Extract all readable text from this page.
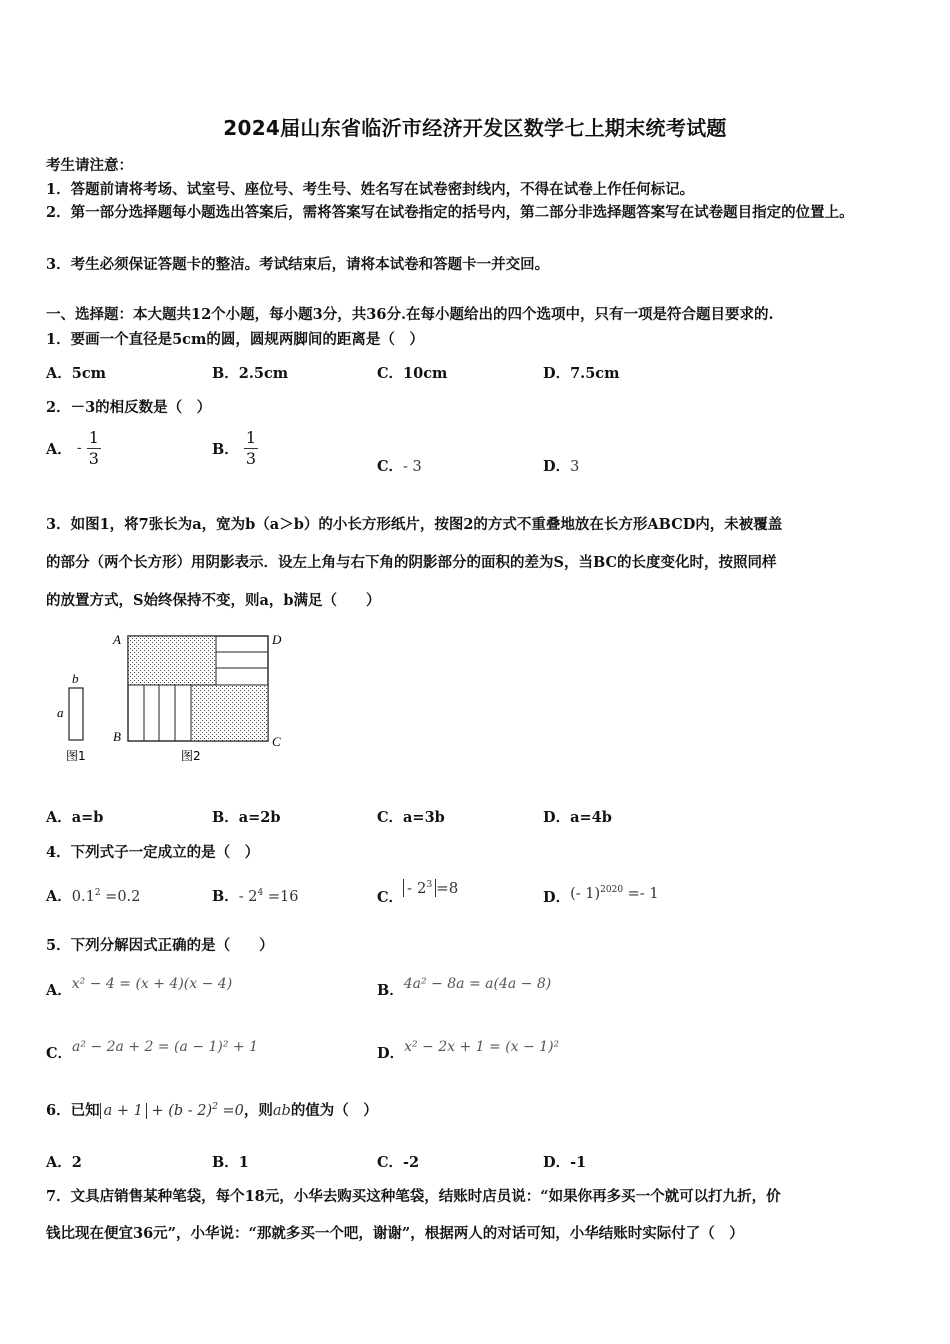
2024届山东省临沂市经济开发区数学七上期末统考试题
考生请注意：
1．答题前请将考场、试室号、座位号、考生号、姓名写在试卷密封线内，不得在试卷上作任何标记。
2．第一部分选择题每小题选出答案后，需将答案写在试卷指定的括号内，第二部分非选择题答案写在试卷题目指定的位置上。
3．考生必须保证答题卡的整洁。考试结束后，请将本试卷和答题卡一并交回。
一、选择题：本大题共12个小题，每小题3分，共36分.在每小题给出的四个选项中，只有一项是符合题目要求的.
1．要画一个直径是5cm的圆，圆规两脚间的距离是（　）
A．5cm	B．2.5cm	C．10cm	D．7.5cm
2．－3的相反数是（　）
A． - $\frac{1}{3}$	B． $\frac{1}{3}$	C．- 3	D．3
3．如图1，将7张长为a，宽为b（a＞b）的小长方形纸片，按图2的方式不重叠地放在长方形ABCD内，未被覆盖
的部分（两个长方形）用阴影表示．设左上角与右下角的阴影部分的面积的差为S，当BC的长度变化时，按照同样
的放置方式，S始终保持不变，则a，b满足（　　）
b
a
图1
A	D
B	C
图2
A．a=b	B．a=2b	C．a=3b	D．a=4b
4．下列式子一定成立的是（　）
A．$0.1^2 =0.2$	B．- $2^4 =16$	C．- $2^3 =8$
D．(- 1)$^{2020}$ =- 1
5．下列分解因式正确的是（　　）
A．x² − 4 = (x + 4)(x − 4)	B．4a² − 8a = a(4a − 8)
C．a² − 2a + 2 = (a − 1)² + 1	D．x² − 2x + 1 = (x − 1)²
6．已知 a + 1 + (b - 2)$^2$ =0，则ab的值为（　）
A．2	B．1	C．-2	D．-1
7．文具店销售某种笔袋，每个18元，小华去购买这种笔袋，结账时店员说：“如果你再多买一个就可以打九折，价
钱比现在便宜36元”，小华说：“那就多买一个吧，谢谢”，根据两人的对话可知，小华结账时实际付了（　）
